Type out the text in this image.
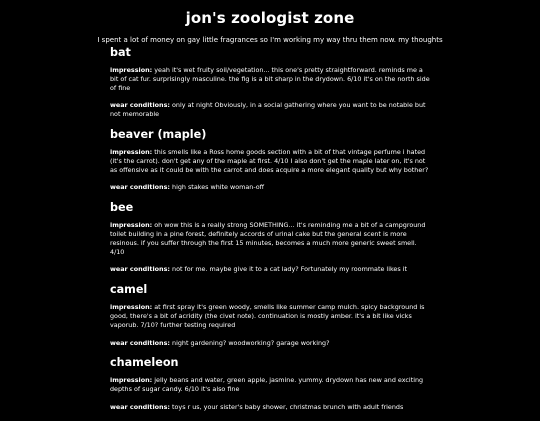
jon's zoologist zone
I spent a lot of money on gay little fragrances so I'm working my way thru them now. my thoughts
bat

impression: yeah it's wet fruity soil/vegetation... this one's pretty straightforward. reminds me a bit of cat fur. surprisingly masculine. the fig is a bit sharp in the drydown. 6/10 it's on the north side of fine

wear conditions: only at night Obviously, in a social gathering where you want to be notable but not memorable

beaver (maple)

impression: this smells like a Ross home goods section with a bit of that vintage perfume i hated (it's the carrot). don't get any of the maple at first. 4/10 I also don't get the maple later on, it's not as offensive as it could be with the carrot and does acquire a more elegant quality but why bother?

wear conditions: high stakes white woman-off

bee

impression: oh wow this is a really strong SOMETHING... it's reminding me a bit of a campground toilet building in a pine forest, definitely accords of urinal cake but the general scent is more resinous. if you suffer through the first 15 minutes, becomes a much more generic sweet smell. 4/10

wear conditions: not for me. maybe give it to a cat lady? Fortunately my roommate likes it

camel

impression: at first spray it's green woody, smells like summer camp mulch. spicy background is good, there's a bit of acridity (the civet note). continuation is mostly amber. it's a bit like vicks vaporub. 7/10? further testing required

wear conditions: night gardening? woodworking? garage working?

chameleon

impression: jelly beans and water, green apple, jasmine. yummy. drydown has new and exciting depths of sugar candy. 6/10 it's also fine

wear conditions: toys r us, your sister's baby shower, christmas brunch with adult friends
